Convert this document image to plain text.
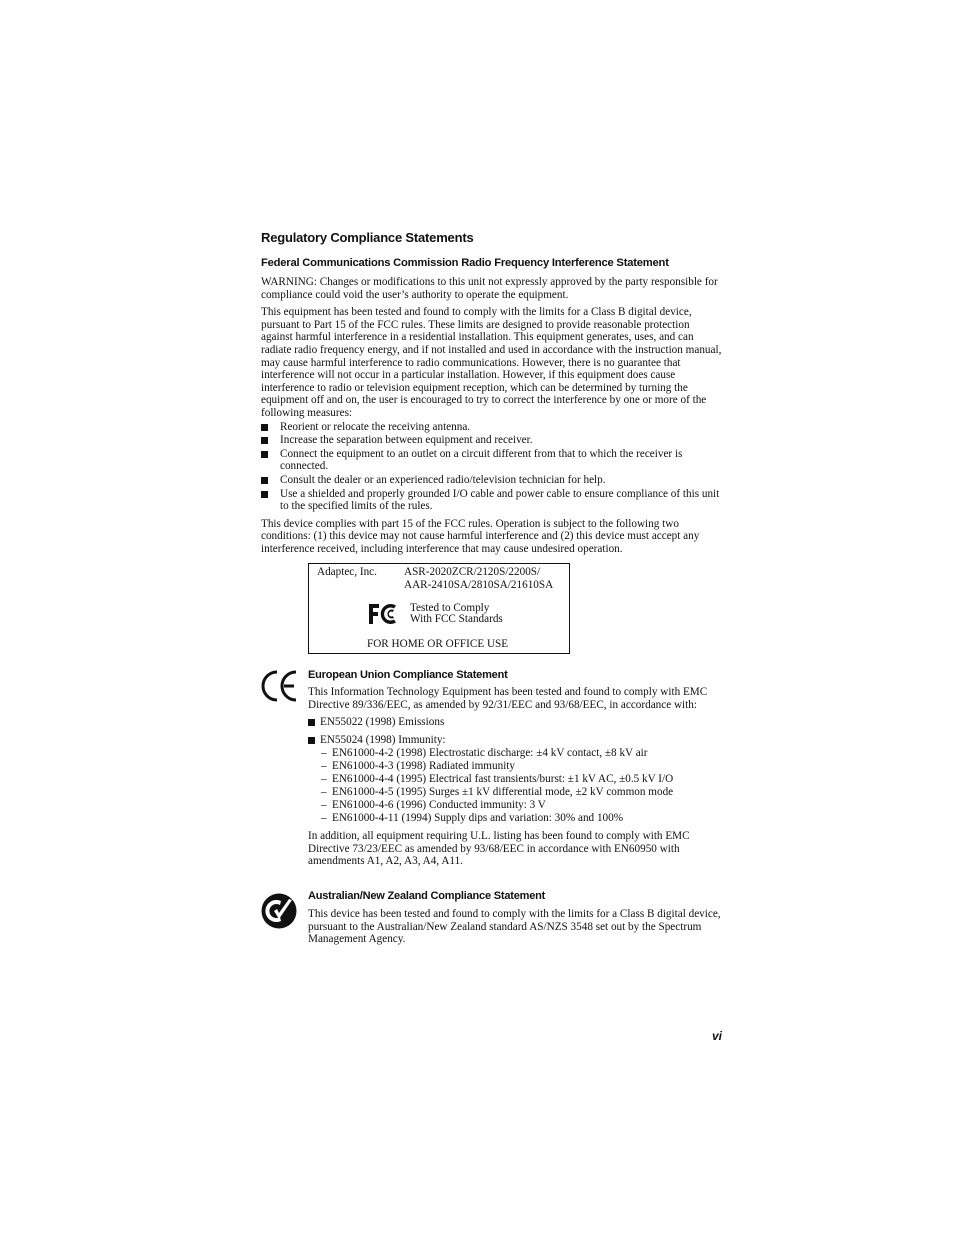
Regulatory Compliance Statements
Federal Communications Commission Radio Frequency Interference Statement

WARNING: Changes or modifications to this unit not expressly approved by the party responsible for compliance could void the user’s authority to operate the equipment.

This equipment has been tested and found to comply with the limits for a Class B digital device, pursuant to Part 15 of the FCC rules. These limits are designed to provide reasonable protection against harmful interference in a residential installation. This equipment generates, uses, and can radiate radio frequency energy, and if not installed and used in accordance with the instruction manual, may cause harmful interference to radio communications. However, there is no guarantee that interference will not occur in a particular installation. However, if this equipment does cause interference to radio or television equipment reception, which can be determined by turning the equipment off and on, the user is encouraged to try to correct the interference by one or more of the following measures:

Reorient or relocate the receiving antenna.
Increase the separation between equipment and receiver.
Connect the equipment to an outlet on a circuit different from that to which the receiver is connected.
Consult the dealer or an experienced radio/television technician for help.
Use a shielded and properly grounded I/O cable and power cable to ensure compliance of this unit to the specified limits of the rules.

This device complies with part 15 of the FCC rules. Operation is subject to the following two conditions: (1) this device may not cause harmful interference and (2) this device must accept any interference received, including interference that may cause undesired operation.

Adaptec, Inc. ASR-2020ZCR/2120S/2200S/
AAR-2410SA/2810SA/21610SA
Tested to Comply
With FCC Standards
FOR HOME OR OFFICE USE
European Union Compliance Statement

This Information Technology Equipment has been tested and found to comply with EMC Directive 89/336/EEC, as amended by 92/31/EEC and 93/68/EEC, in accordance with:

EN55022 (1998) Emissions
EN55024 (1998) Immunity:
– EN61000-4-2 (1998) Electrostatic discharge: ±4 kV contact, ±8 kV air
– EN61000-4-3 (1998) Radiated immunity
– EN61000-4-4 (1995) Electrical fast transients/burst: ±1 kV AC, ±0.5 kV I/O
– EN61000-4-5 (1995) Surges ±1 kV differential mode, ±2 kV common mode
– EN61000-4-6 (1996) Conducted immunity: 3 V
– EN61000-4-11 (1994) Supply dips and variation: 30% and 100%

In addition, all equipment requiring U.L. listing has been found to comply with EMC Directive 73/23/EEC as amended by 93/68/EEC in accordance with EN60950 with amendments A1, A2, A3, A4, A11.

Australian/New Zealand Compliance Statement
This device has been tested and found to comply with the limits for a Class B digital device, pursuant to the Australian/New Zealand standard AS/NZS 3548 set out by the Spectrum Management Agency.
vi
